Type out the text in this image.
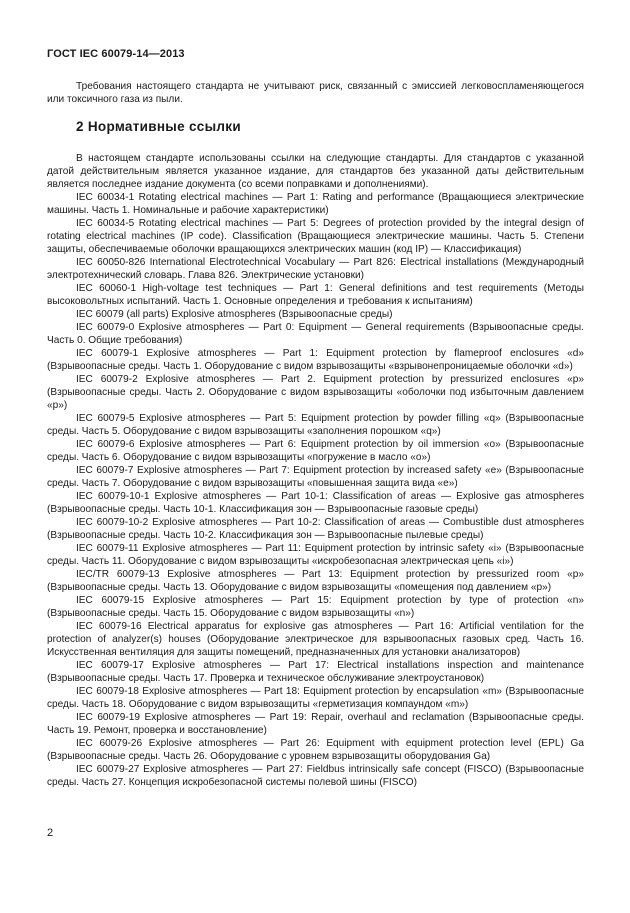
ГОСТ IEC 60079-14—2013

Требования настоящего стандарта не учитывают риск, связанный с эмиссией легковоспламеняющегося или токсичного газа из пыли.

2 Нормативные ссылки

В настоящем стандарте использованы ссылки на следующие стандарты. Для стандартов с указанной датой действительным является указанное издание, для стандартов без указанной даты действительным является последнее издание документа (со всеми поправками и дополнениями).

IEC 60034-1 Rotating electrical machines — Part 1: Rating and performance (Вращающиеся электрические машины. Часть 1. Номинальные и рабочие характеристики)

IEC 60034-5 Rotating electrical machines — Part 5: Degrees of protection provided by the integral design of rotating electrical machines (IP code). Classification (Вращающиеся электрические машины. Часть 5. Степени защиты, обеспечиваемые оболочки вращающихся электрических машин (код IP) — Классификация)

IEC 60050-826 International Electrotechnical Vocabulary — Part 826: Electrical installations (Международный электротехнический словарь. Глава 826. Электрические установки)

IEC 60060-1 High-voltage test techniques — Part 1: General definitions and test requirements (Методы высоковольтных испытаний. Часть 1. Основные определения и требования к испытаниям)

IEC 60079 (all parts) Explosive atmospheres (Взрывоопасные среды)

IEC 60079-0 Explosive atmospheres — Part 0: Equipment — General requirements (Взрывоопасные среды. Часть 0. Общие требования)

IEC 60079-1 Explosive atmospheres — Part 1: Equipment protection by flameproof enclosures «d» (Взрывоопасные среды. Часть 1. Оборудование с видом взрывозащиты «взрывонепроницаемые оболочки «d»)

IEC 60079-2 Explosive atmospheres — Part 2. Equipment protection by pressurized enclosures «p» (Взрывоопасные среды. Часть 2. Оборудование с видом взрывозащиты «оболочки под избыточным давлением «p»)

IEC 60079-5 Explosive atmospheres — Part 5: Equipment protection by powder filling «q» (Взрывоопасные среды. Часть 5. Оборудование с видом взрывозащиты «заполнения порошком «q»)

IEC 60079-6 Explosive atmospheres — Part 6: Equipment protection by oil immersion «o» (Взрывоопасные среды. Часть 6. Оборудование с видом взрывозащиты «погружение в масло «o»)

IEC 60079-7 Explosive atmospheres — Part 7: Equipment protection by increased safety «e» (Взрывоопасные среды. Часть 7. Оборудование с видом взрывозащиты «повышенная защита вида «e»)

IEC 60079-10-1 Explosive atmospheres — Part 10-1: Classification of areas — Explosive gas atmospheres (Взрывоопасные среды. Часть 10-1. Классификация зон — Взрывоопасные газовые среды)

IEC 60079-10-2 Explosive atmospheres — Part 10-2: Classification of areas — Combustible dust atmospheres (Взрывоопасные среды. Часть 10-2. Классификация зон — Взрывоопасные пылевые среды)

IEC 60079-11 Explosive atmospheres — Part 11: Equipment protection by intrinsic safety «i» (Взрывоопасные среды. Часть 11. Оборудование с видом взрывозащиты «искробезопасная электрическая цепь «i»)

IEC/TR 60079-13 Explosive atmospheres — Part 13: Equipment protection by pressurized room «p» (Взрывоопасные среды. Часть 13. Оборудование с видом взрывозащиты «помещения под давлением «p»)

IEC 60079-15 Explosive atmospheres — Part 15: Equipment protection by type of protection «n» (Взрывоопасные среды. Часть 15. Оборудование с видом взрывозащиты «n»)

IEC 60079-16 Electrical apparatus for explosive gas atmospheres — Part 16: Artificial ventilation for the protection of analyzer(s) houses (Оборудование электрическое для взрывоопасных газовых сред. Часть 16. Искусственная вентиляция для защиты помещений, предназначенных для установки анализаторов)

IEC 60079-17 Explosive atmospheres — Part 17: Electrical installations inspection and maintenance (Взрывоопасные среды. Часть 17. Проверка и техническое обслуживание электроустановок)

IEC 60079-18 Explosive atmospheres — Part 18: Equipment protection by encapsulation «m» (Взрывоопасные среды. Часть 18. Оборудование с видом взрывозащиты «герметизация компаундом «m»)

IEC 60079-19 Explosive atmospheres — Part 19: Repair, overhaul and reclamation (Взрывоопасные среды. Часть 19. Ремонт, проверка и восстановление)

IEC 60079-26 Explosive atmospheres — Part 26: Equipment with equipment protection level (EPL) Ga (Взрывоопасные среды. Часть 26. Оборудование с уровнем взрывозащиты оборудования Ga)

IEC 60079-27 Explosive atmospheres — Part 27: Fieldbus intrinsically safe concept (FISCO) (Взрывоопасные среды. Часть 27. Концепция искробезопасной системы полевой шины (FISCO)

2
